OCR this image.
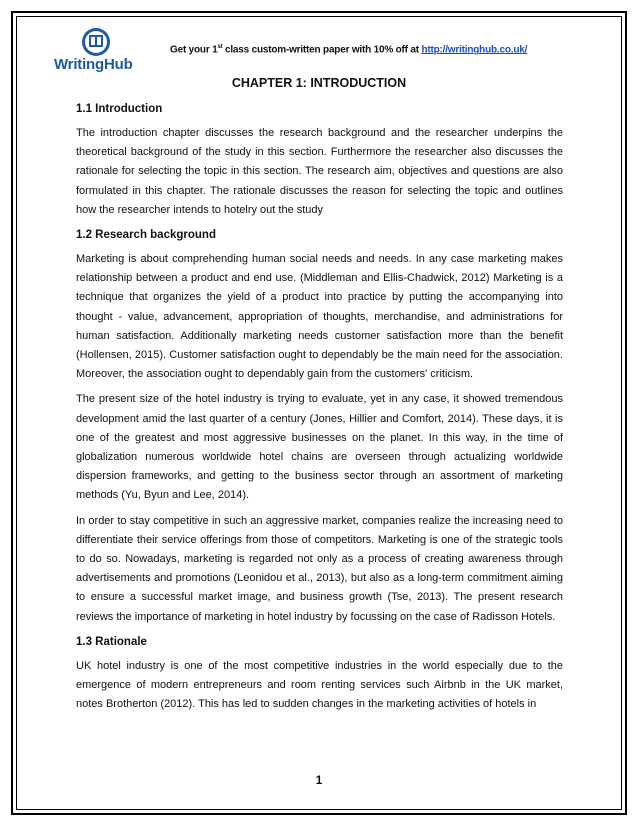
WritingHub
Get your 1st class custom-written paper with 10% off at http://writinghub.co.uk/
CHAPTER 1: INTRODUCTION
1.1 Introduction

The introduction chapter discusses the research background and the researcher underpins the theoretical background of the study in this section. Furthermore the researcher also discusses the rationale for selecting the topic in this section. The research aim, objectives and questions are also formulated in this chapter. The rationale discusses the reason for selecting the topic and outlines how the researcher intends to hotelry out the study

1.2 Research background

Marketing is about comprehending human social needs and needs. In any case marketing makes relationship between a product and end use. (Middleman and Ellis-Chadwick, 2012) Marketing is a technique that organizes the yield of a product into practice by putting the accompanying into thought - value, advancement, appropriation of thoughts, merchandise, and administrations for human satisfaction. Additionally marketing needs customer satisfaction more than the benefit (Hollensen, 2015). Customer satisfaction ought to dependably be the main need for the association. Moreover, the association ought to dependably gain from the customers' criticism.

The present size of the hotel industry is trying to evaluate, yet in any case, it showed tremendous development amid the last quarter of a century (Jones, Hillier and Comfort, 2014). These days, it is one of the greatest and most aggressive businesses on the planet. In this way, in the time of globalization numerous worldwide hotel chains are overseen through actualizing worldwide dispersion frameworks, and getting to the business sector through an assortment of marketing methods (Yu, Byun and Lee, 2014).

In order to stay competitive in such an aggressive market, companies realize the increasing need to differentiate their service offerings from those of competitors. Marketing is one of the strategic tools to do so. Nowadays, marketing is regarded not only as a process of creating awareness through advertisements and promotions (Leonidou et al., 2013), but also as a long-term commitment aiming to ensure a successful market image, and business growth (Tse, 2013). The present research reviews the importance of marketing in hotel industry by focussing on the case of Radisson Hotels.

1.3 Rationale

UK hotel industry is one of the most competitive industries in the world especially due to the emergence of modern entrepreneurs and room renting services such Airbnb in the UK market, notes Brotherton (2012). This has led to sudden changes in the marketing activities of hotels in

1
